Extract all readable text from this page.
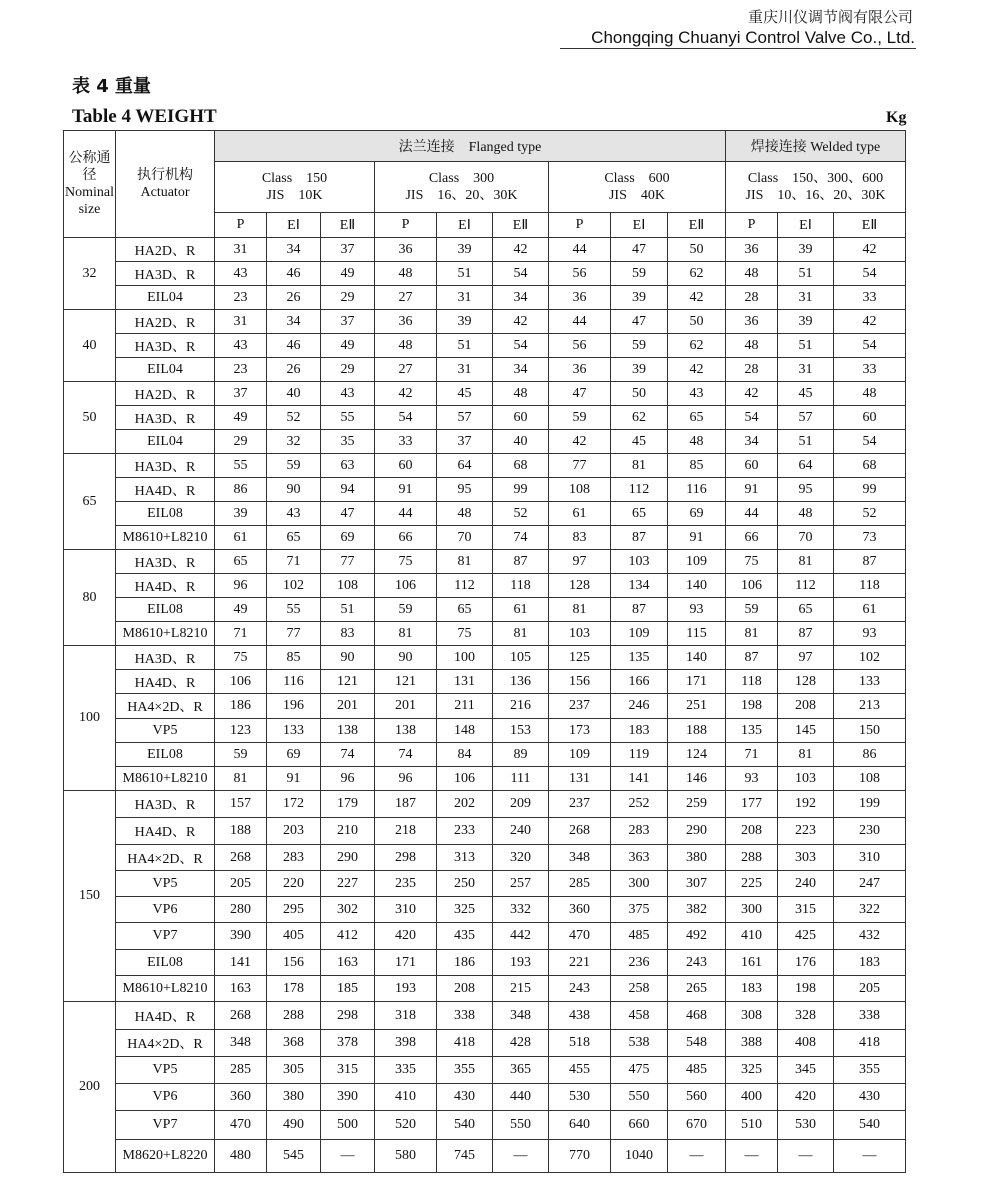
重庆川仪调节阀有限公司
Chongqing Chuanyi Control Valve Co., Ltd.
表 4 重量
Table 4 WEIGHT	Kg
公称通径
Nominal size	执行机构
Actuator	法兰连接　Flanged type									焊接连接 Welded type		

		Class　150
JIS　10K			Class　300
JIS　16、20、30K			Class　600
JIS　40K			Class　150、300、600
JIS　10、16、20、30K		

		P	EⅠ	EⅡ	P	EⅠ	EⅡ	P	EⅠ	EⅡ	P	EⅠ	EⅡ
32	HA2D、R	31	34	37	36	39	42	44	47	50	36	39	42
	HA3D、R	43	46	49	48	51	54	56	59	62	48	51	54
	EIL04	23	26	29	27	31	34	36	39	42	28	31	33
40	HA2D、R	31	34	37	36	39	42	44	47	50	36	39	42
	HA3D、R	43	46	49	48	51	54	56	59	62	48	51	54
	EIL04	23	26	29	27	31	34	36	39	42	28	31	33
50	HA2D、R	37	40	43	42	45	48	47	50	43	42	45	48
	HA3D、R	49	52	55	54	57	60	59	62	65	54	57	60
	EIL04	29	32	35	33	37	40	42	45	48	34	51	54
65	HA3D、R	55	59	63	60	64	68	77	81	85	60	64	68
	HA4D、R	86	90	94	91	95	99	108	112	116	91	95	99
	EIL08	39	43	47	44	48	52	61	65	69	44	48	52
	M8610+L8210	61	65	69	66	70	74	83	87	91	66	70	73
80	HA3D、R	65	71	77	75	81	87	97	103	109	75	81	87
	HA4D、R	96	102	108	106	112	118	128	134	140	106	112	118
	EIL08	49	55	51	59	65	61	81	87	93	59	65	61
	M8610+L8210	71	77	83	81	75	81	103	109	115	81	87	93
100	HA3D、R	75	85	90	90	100	105	125	135	140	87	97	102
	HA4D、R	106	116	121	121	131	136	156	166	171	118	128	133
	HA4×2D、R	186	196	201	201	211	216	237	246	251	198	208	213
	VP5	123	133	138	138	148	153	173	183	188	135	145	150
	EIL08	59	69	74	74	84	89	109	119	124	71	81	86
	M8610+L8210	81	91	96	96	106	111	131	141	146	93	103	108
150	HA3D、R	157	172	179	187	202	209	237	252	259	177	192	199
	HA4D、R	188	203	210	218	233	240	268	283	290	208	223	230
	HA4×2D、R	268	283	290	298	313	320	348	363	380	288	303	310
	VP5	205	220	227	235	250	257	285	300	307	225	240	247
	VP6	280	295	302	310	325	332	360	375	382	300	315	322
	VP7	390	405	412	420	435	442	470	485	492	410	425	432
	EIL08	141	156	163	171	186	193	221	236	243	161	176	183
	M8610+L8210	163	178	185	193	208	215	243	258	265	183	198	205
200	HA4D、R	268	288	298	318	338	348	438	458	468	308	328	338
	HA4×2D、R	348	368	378	398	418	428	518	538	548	388	408	418
	VP5	285	305	315	335	355	365	455	475	485	325	345	355
	VP6	360	380	390	410	430	440	530	550	560	400	420	430
	VP7	470	490	500	520	540	550	640	660	670	510	530	540
	M8620+L8220	480	545	—	580	745	—	770	1040	—	—	—	—
